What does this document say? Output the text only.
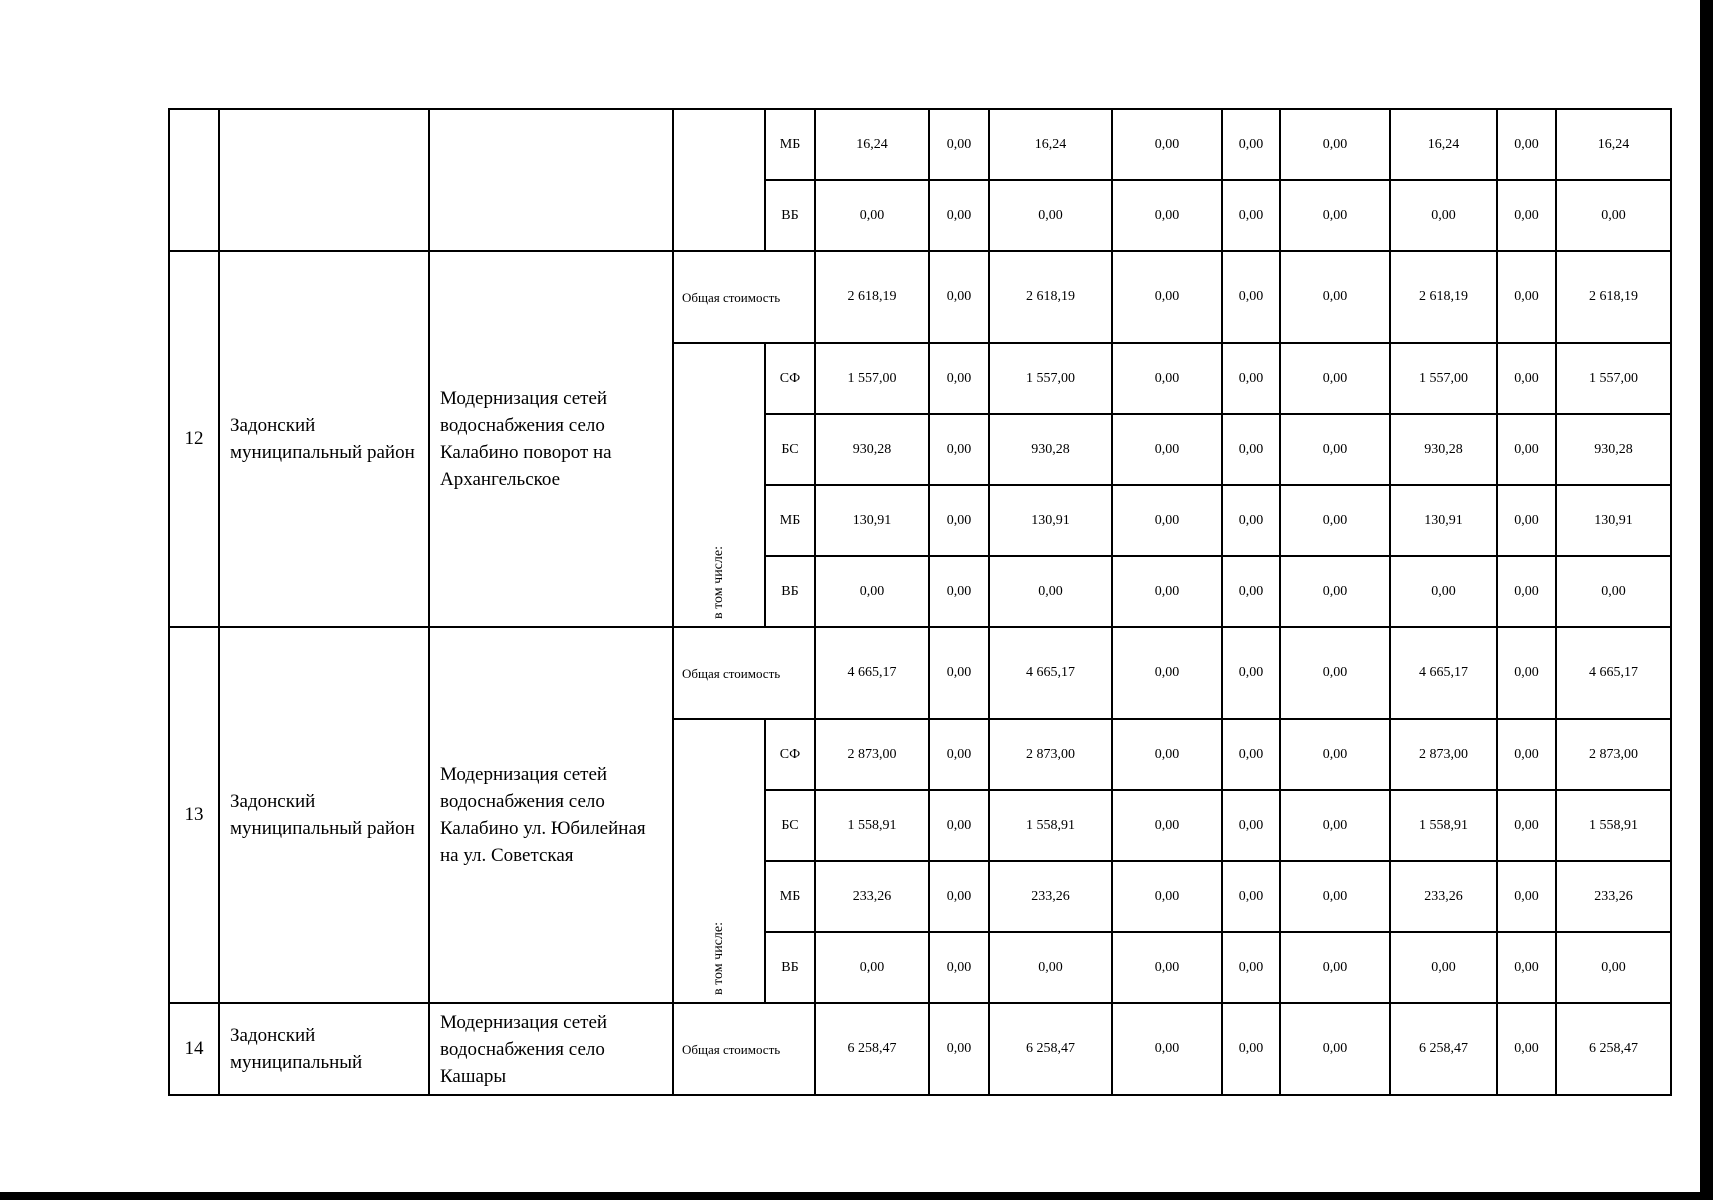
				МБ	16,24	0,00	16,24	0,00	0,00	0,00	16,24	0,00	16,24
				ВБ	0,00	0,00	0,00	0,00	0,00	0,00	0,00	0,00	0,00
12	Задонский муниципальный район	Модернизация сетей водоснабжения село Калабино поворот на Архангельское	Общая стоимость		2 618,19	0,00	2 618,19	0,00	0,00	0,00	2 618,19	0,00	2 618,19
			в том числе:	СФ	1 557,00	0,00	1 557,00	0,00	0,00	0,00	1 557,00	0,00	1 557,00
				БС	930,28	0,00	930,28	0,00	0,00	0,00	930,28	0,00	930,28
				МБ	130,91	0,00	130,91	0,00	0,00	0,00	130,91	0,00	130,91
				ВБ	0,00	0,00	0,00	0,00	0,00	0,00	0,00	0,00	0,00
13	Задонский муниципальный район	Модернизация сетей водоснабжения село Калабино ул. Юбилейная на ул. Советская	Общая стоимость		4 665,17	0,00	4 665,17	0,00	0,00	0,00	4 665,17	0,00	4 665,17
			в том числе:	СФ	2 873,00	0,00	2 873,00	0,00	0,00	0,00	2 873,00	0,00	2 873,00
				БС	1 558,91	0,00	1 558,91	0,00	0,00	0,00	1 558,91	0,00	1 558,91
				МБ	233,26	0,00	233,26	0,00	0,00	0,00	233,26	0,00	233,26
				ВБ	0,00	0,00	0,00	0,00	0,00	0,00	0,00	0,00	0,00
14	Задонский муниципальный	Модернизация сетей водоснабжения село Кашары	Общая стоимость		6 258,47	0,00	6 258,47	0,00	0,00	0,00	6 258,47	0,00	6 258,47
